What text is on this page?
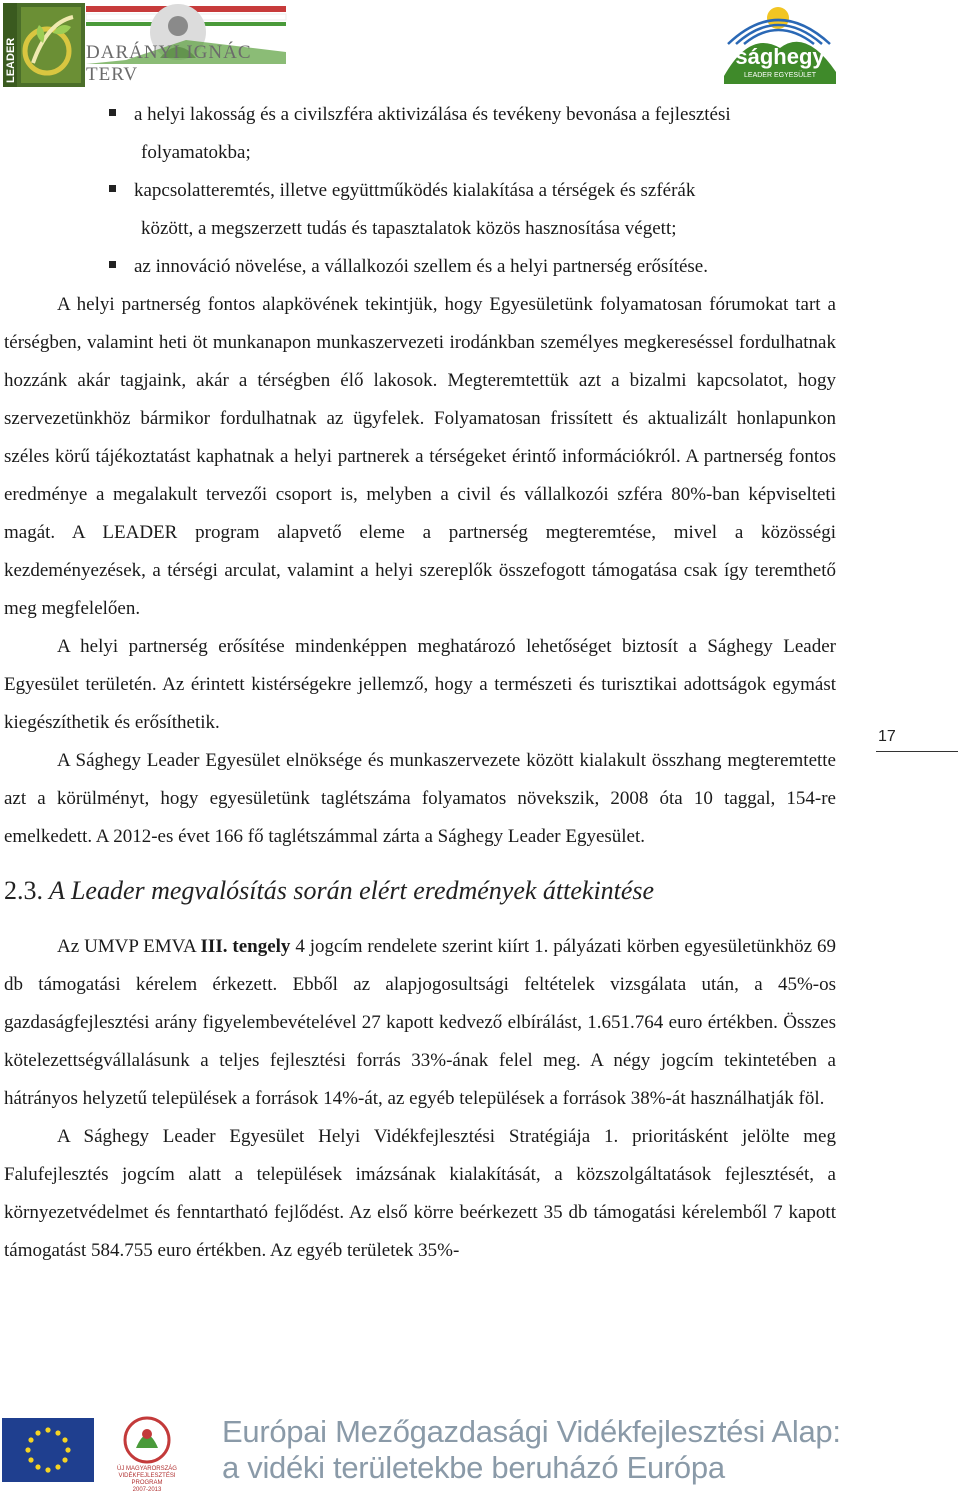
LEADER	DARÁNYI IGNÁC TERV
sághegy
LEADER EGYESÜLET
a helyi lakosság és a civilszféra aktivizálása és tevékeny bevonása a fejlesztési
folyamatokba;
kapcsolatteremtés, illetve együttműködés kialakítása a térségek és szférák
között, a megszerzett tudás és tapasztalatok közös hasznosítása végett;
az innováció növelése, a vállalkozói szellem és a helyi partnerség erősítése.

A helyi partnerség fontos alapkövének tekintjük, hogy Egyesületünk folyamatosan fórumokat tart a térségben, valamint heti öt munkanapon munkaszervezeti irodánkban személyes megkereséssel fordulhatnak hozzánk akár tagjaink, akár a térségben élő lakosok. Megteremtettük azt a bizalmi kapcsolatot, hogy szervezetünkhöz bármikor fordulhatnak az ügyfelek. Folyamatosan frissített és aktualizált honlapunkon széles körű tájékoztatást kaphatnak a helyi partnerek a térségeket érintő információkról. A partnerség fontos eredménye a megalakult tervezői csoport is, melyben a civil és vállalkozói szféra 80%-ban képviselteti magát. A LEADER program alapvető eleme a partnerség megteremtése, mivel a közösségi kezdeményezések, a térségi arculat, valamint a helyi szereplők összefogott támogatása csak így teremthető meg megfelelően.

A helyi partnerség erősítése mindenképpen meghatározó lehetőséget biztosít a Sághegy Leader Egyesület területén. Az érintett kistérségekre jellemző, hogy a természeti és turisztikai adottságok egymást kiegészíthetik és erősíthetik.

A Sághegy Leader Egyesület elnöksége és munkaszervezete között kialakult összhang megteremtette azt a körülményt, hogy egyesületünk taglétszáma folyamatos növekszik, 2008 óta 10 taggal, 154-re emelkedett. A 2012-es évet 166 fő taglétszámmal zárta a Sághegy Leader Egyesület.

2.3. A Leader megvalósítás során elért eredmények áttekintése

Az UMVP EMVA III. tengely 4 jogcím rendelete szerint kiírt 1. pályázati körben egyesületünkhöz 69 db támogatási kérelem érkezett. Ebből az alapjogosultsági feltételek vizsgálata után, a 45%-os gazdaságfejlesztési arány figyelembevételével 27 kapott kedvező elbírálást, 1.651.764 euro értékben. Összes kötelezettségvállalásunk a teljes fejlesztési forrás 33%-ának felel meg. A négy jogcím tekintetében a hátrányos helyzetű települések a források 14%-át, az egyéb települések a források 38%-át használhatják föl.

A Sághegy Leader Egyesület Helyi Vidékfejlesztési Stratégiája 1. prioritásként jelölte meg Falufejlesztés jogcím alatt a települések imázsának kialakítását, a közszolgáltatások fejlesztését, a környezetvédelmet és fenntartható fejlődést. Az első körre beérkezett 35 db támogatási kérelemből 7 kapott támogatást 584.755 euro értékben. Az egyéb területek 35%-

17
ÚJ MAGYARORSZÁG
VIDÉKFEJLESZTÉSI PROGRAM
2007-2013
Európai Mezőgazdasági Vidékfejlesztési Alap:
a vidéki területekbe beruházó Európa
